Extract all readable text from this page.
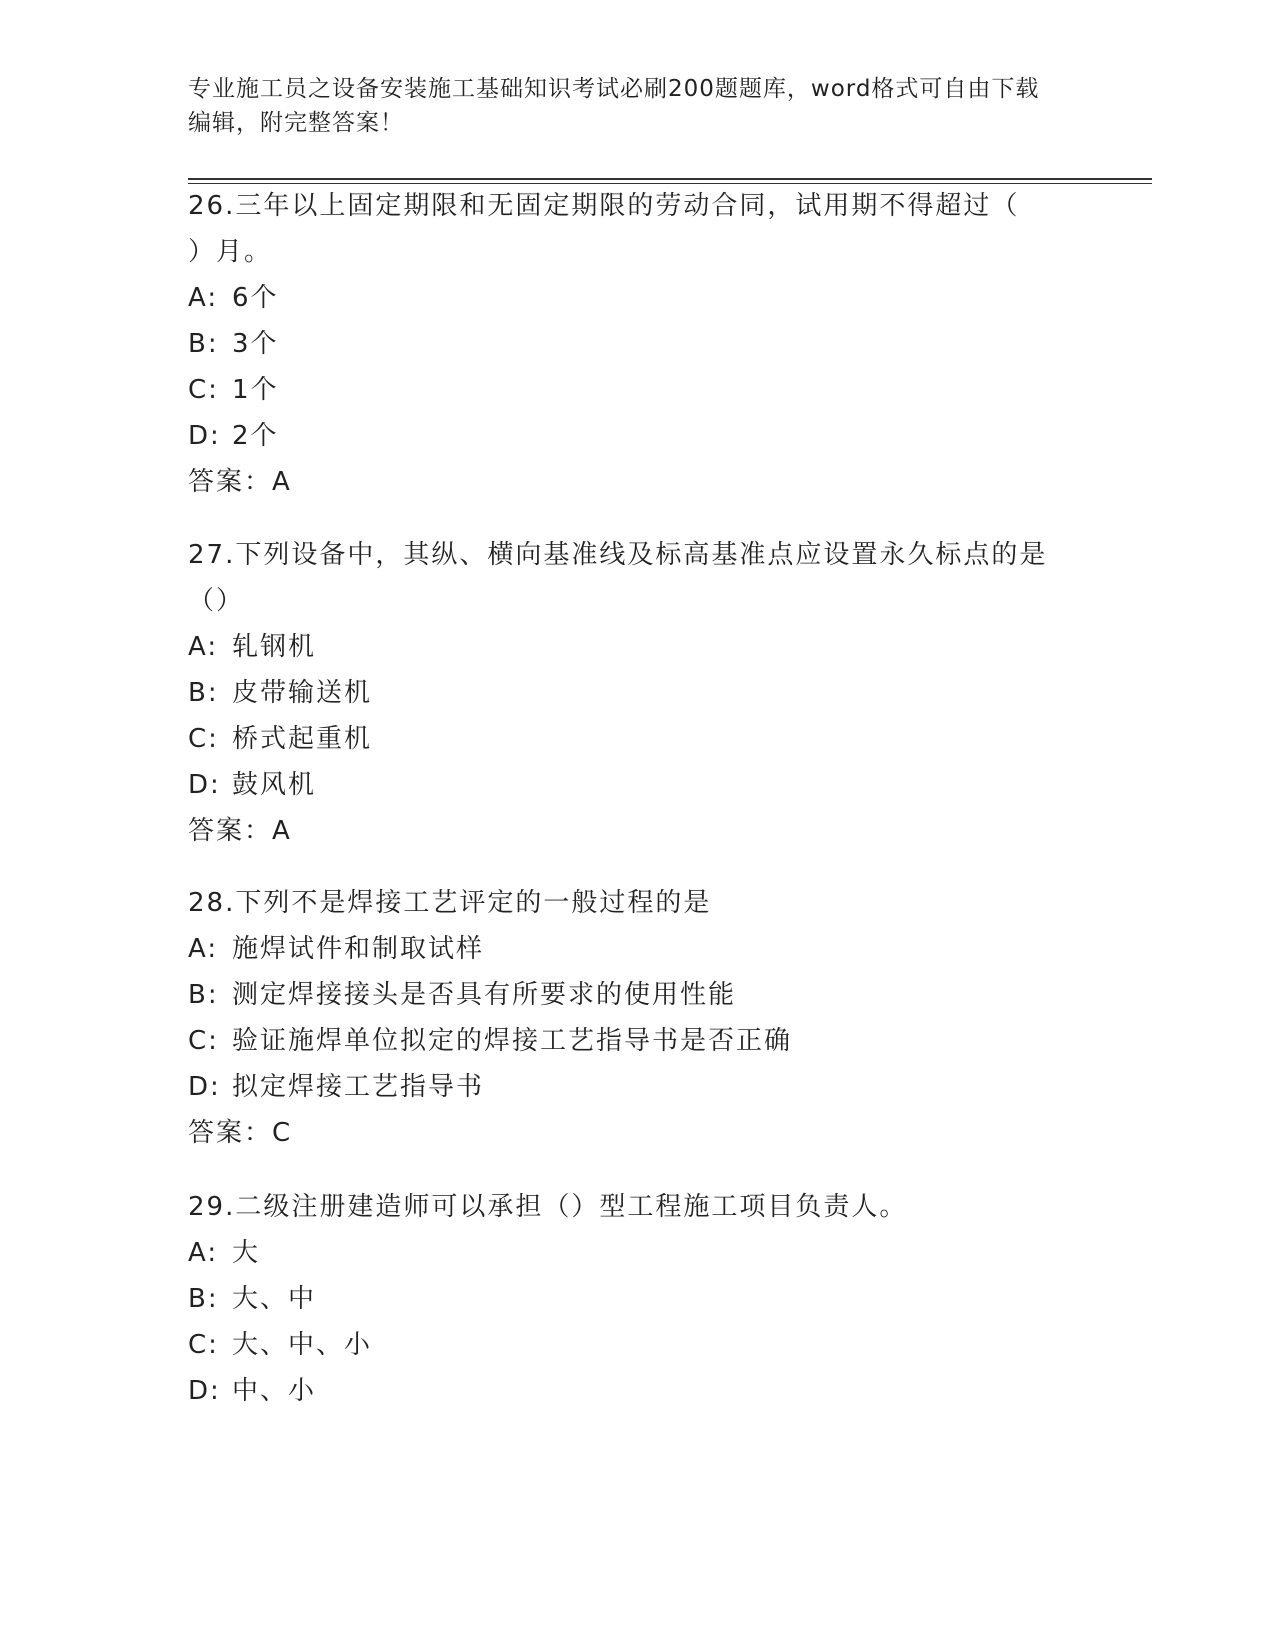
专业施工员之设备安装施工基础知识考试必刷200题题库，word格式可自由下载
编辑，附完整答案！
26.三年以上固定期限和无固定期限的劳动合同，试用期不得超过（
）月。
A: 6个
B: 3个
C: 1个
D: 2个
答案：A
27.下列设备中，其纵、横向基准线及标高基准点应设置永久标点的是
（）
A: 轧钢机
B: 皮带输送机
C: 桥式起重机
D: 鼓风机
答案：A
28.下列不是焊接工艺评定的一般过程的是
A: 施焊试件和制取试样
B: 测定焊接接头是否具有所要求的使用性能
C: 验证施焊单位拟定的焊接工艺指导书是否正确
D: 拟定焊接工艺指导书
答案：C
29.二级注册建造师可以承担（）型工程施工项目负责人。
A: 大
B: 大、中
C: 大、中、小
D: 中、小
